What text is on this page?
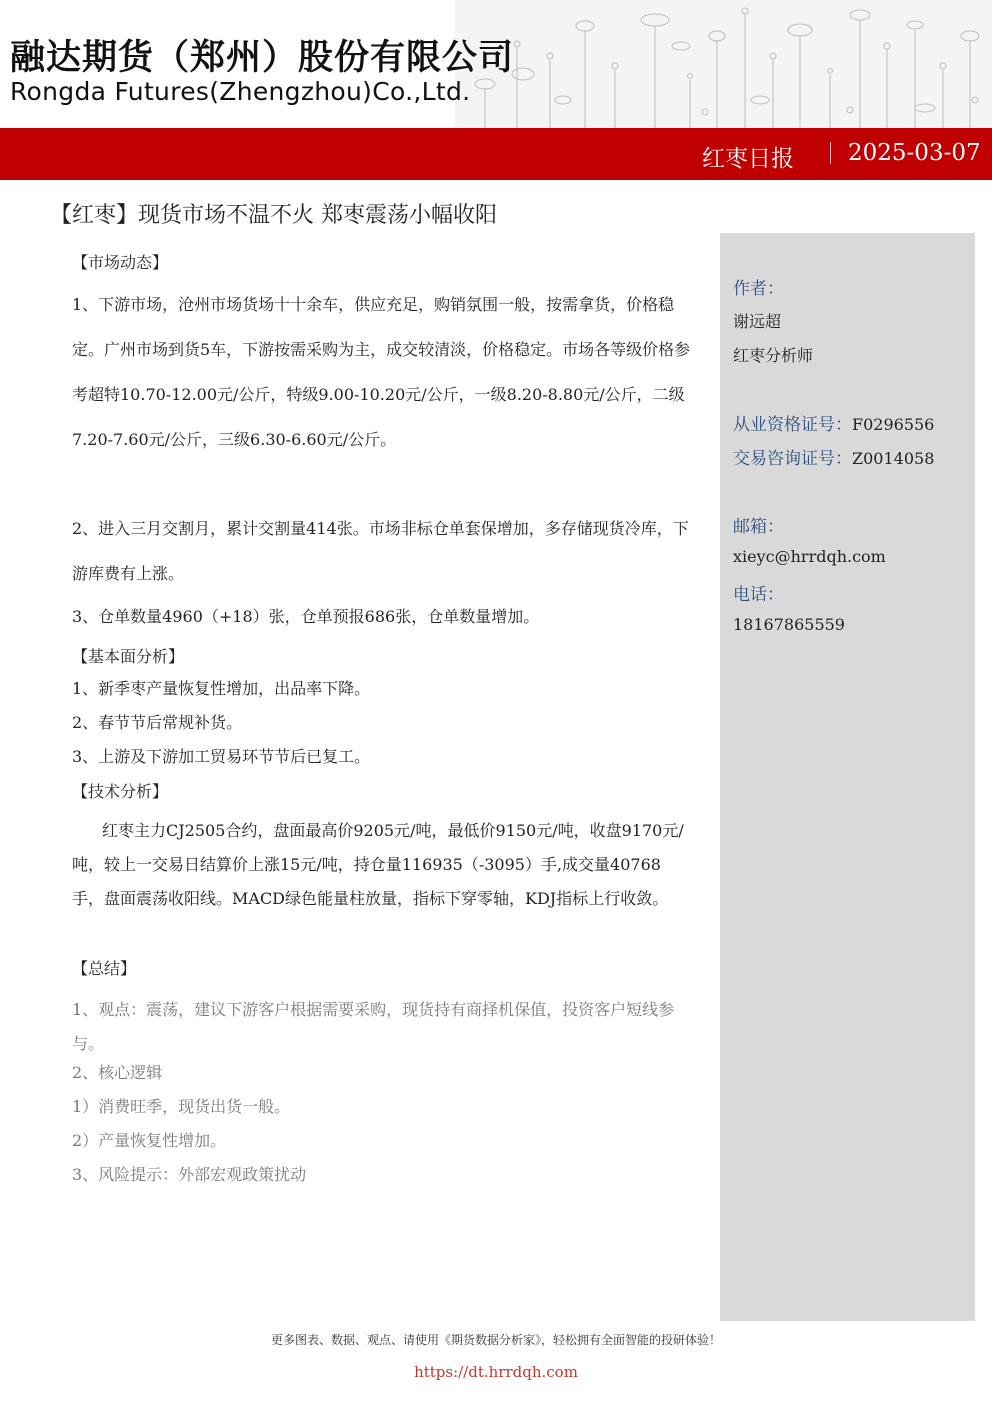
融达期货（郑州）股份有限公司
Rongda Futures(Zhengzhou)Co.,Ltd.
红枣日报 2025-03-07
【红枣】现货市场不温不火 郑枣震荡小幅收阳
【市场动态】
1、下游市场，沧州市场货场十十余车，供应充足，购销氛围一般，按需拿货，价格稳定。广州市场到货5车，下游按需采购为主，成交较清淡，价格稳定。市场各等级价格参考超特10.70-12.00元/公斤，特级9.00-10.20元/公斤，一级8.20-8.80元/公斤，二级7.20-7.60元/公斤，三级6.30-6.60元/公斤。
2、进入三月交割月，累计交割量414张。市场非标仓单套保增加，多存储现货冷库，下游库费有上涨。
3、仓单数量4960（+18）张，仓单预报686张，仓单数量增加。
【基本面分析】
1、新季枣产量恢复性增加，出品率下降。
2、春节节后常规补货。
3、上游及下游加工贸易环节节后已复工。
【技术分析】
红枣主力CJ2505合约，盘面最高价9205元/吨，最低价9150元/吨，收盘9170元/吨，较上一交易日结算价上涨15元/吨，持仓量116935（-3095）手,成交量40768手，盘面震荡收阳线。MACD绿色能量柱放量，指标下穿零轴，KDJ指标上行收敛。
【总结】
1、观点：震荡，建议下游客户根据需要采购，现货持有商择机保值，投资客户短线参与。
2、核心逻辑
1）消费旺季，现货出货一般。
2）产量恢复性增加。
3、风险提示：外部宏观政策扰动
作者：
谢远超
红枣分析师
从业资格证号：F0296556
交易咨询证号：Z0014058
邮箱：
xieyc@hrrdqh.com
电话：
18167865559
更多图表、数据、观点、请使用《期货数据分析家》，轻松拥有全面智能的投研体验！
https://dt.hrrdqh.com
